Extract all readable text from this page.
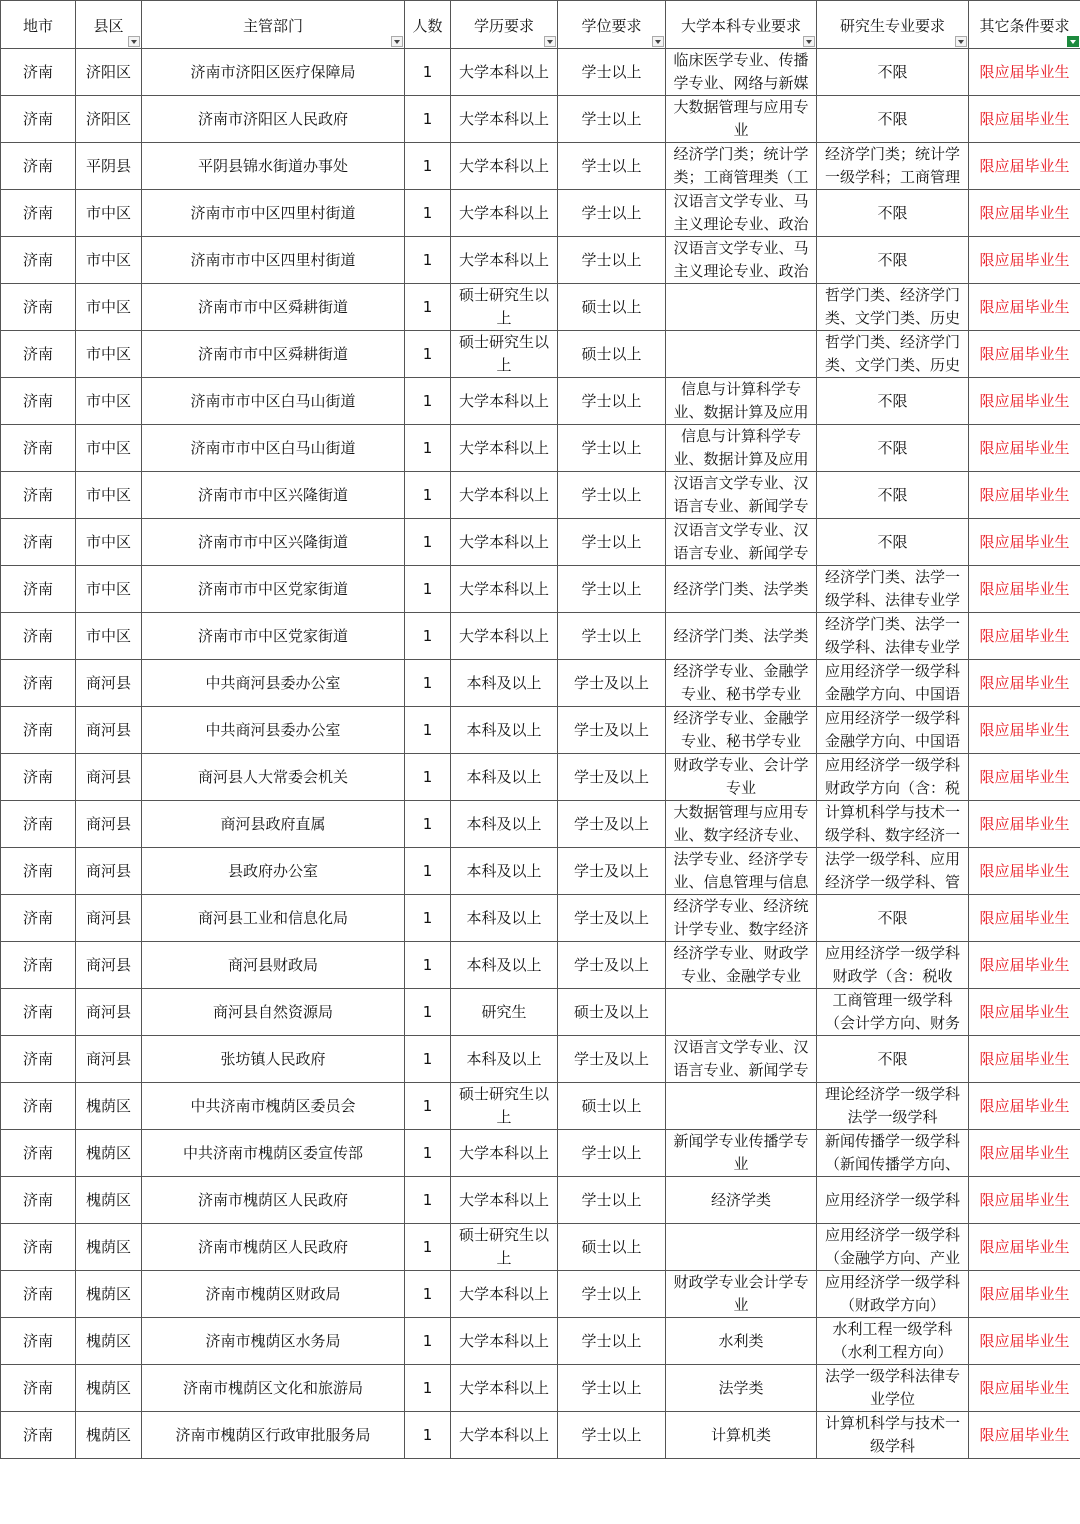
地市	县区	主管部门	人数	学历要求	学位要求	大学本科专业要求	研究生专业要求	其它条件要求

济南	济阳区	济南市济阳区医疗保障局	1	大学本科以上	学士以上	临床医学专业、传播学专业、网络与新媒	不限	限应届毕业生

济南	济阳区	济南市济阳区人民政府	1	大学本科以上	学士以上	大数据管理与应用专业	不限	限应届毕业生

济南	平阴县	平阴县锦水街道办事处	1	大学本科以上	学士以上	经济学门类；统计学类；工商管理类（工	经济学门类；统计学一级学科；工商管理	限应届毕业生

济南	市中区	济南市市中区四里村街道	1	大学本科以上	学士以上	汉语言文学专业、马主义理论专业、政治	不限	限应届毕业生

济南	市中区	济南市市中区四里村街道	1	大学本科以上	学士以上	汉语言文学专业、马主义理论专业、政治	不限	限应届毕业生

济南	市中区	济南市市中区舜耕街道	1	硕士研究生以上	硕士以上		哲学门类、经济学门类、文学门类、历史	限应届毕业生

济南	市中区	济南市市中区舜耕街道	1	硕士研究生以上	硕士以上		哲学门类、经济学门类、文学门类、历史	限应届毕业生

济南	市中区	济南市市中区白马山街道	1	大学本科以上	学士以上	信息与计算科学专业、数据计算及应用	不限	限应届毕业生

济南	市中区	济南市市中区白马山街道	1	大学本科以上	学士以上	信息与计算科学专业、数据计算及应用	不限	限应届毕业生

济南	市中区	济南市市中区兴隆街道	1	大学本科以上	学士以上	汉语言文学专业、汉语言专业、新闻学专	不限	限应届毕业生

济南	市中区	济南市市中区兴隆街道	1	大学本科以上	学士以上	汉语言文学专业、汉语言专业、新闻学专	不限	限应届毕业生

济南	市中区	济南市市中区党家街道	1	大学本科以上	学士以上	经济学门类、法学类	经济学门类、法学一级学科、法律专业学	限应届毕业生

济南	市中区	济南市市中区党家街道	1	大学本科以上	学士以上	经济学门类、法学类	经济学门类、法学一级学科、法律专业学	限应届毕业生

济南	商河县	中共商河县委办公室	1	本科及以上	学士及以上	经济学专业、金融学专业、秘书学专业	应用经济学一级学科金融学方向、中国语	限应届毕业生

济南	商河县	中共商河县委办公室	1	本科及以上	学士及以上	经济学专业、金融学专业、秘书学专业	应用经济学一级学科金融学方向、中国语	限应届毕业生

济南	商河县	商河县人大常委会机关	1	本科及以上	学士及以上	财政学专业、会计学专业	应用经济学一级学科财政学方向（含：税	限应届毕业生

济南	商河县	商河县政府直属	1	本科及以上	学士及以上	大数据管理与应用专业、数字经济专业、	计算机科学与技术一级学科、数字经济一	限应届毕业生

济南	商河县	县政府办公室	1	本科及以上	学士及以上	法学专业、经济学专业、信息管理与信息	法学一级学科、应用经济学一级学科、管	限应届毕业生

济南	商河县	商河县工业和信息化局	1	本科及以上	学士及以上	经济学专业、经济统计学专业、数字经济	不限	限应届毕业生

济南	商河县	商河县财政局	1	本科及以上	学士及以上	经济学专业、财政学专业、金融学专业	应用经济学一级学科财政学（含：税收	限应届毕业生

济南	商河县	商河县自然资源局	1	研究生	硕士及以上		工商管理一级学科（会计学方向、财务	限应届毕业生

济南	商河县	张坊镇人民政府	1	本科及以上	学士及以上	汉语言文学专业、汉语言专业、新闻学专	不限	限应届毕业生

济南	槐荫区	中共济南市槐荫区委员会	1	硕士研究生以上	硕士以上		理论经济学一级学科法学一级学科	限应届毕业生

济南	槐荫区	中共济南市槐荫区委宣传部	1	大学本科以上	学士以上	新闻学专业传播学专业	新闻传播学一级学科（新闻传播学方向、	限应届毕业生

济南	槐荫区	济南市槐荫区人民政府	1	大学本科以上	学士以上	经济学类	应用经济学一级学科	限应届毕业生

济南	槐荫区	济南市槐荫区人民政府	1	硕士研究生以上	硕士以上		应用经济学一级学科（金融学方向、产业	限应届毕业生

济南	槐荫区	济南市槐荫区财政局	1	大学本科以上	学士以上	财政学专业会计学专业	应用经济学一级学科（财政学方向）	限应届毕业生

济南	槐荫区	济南市槐荫区水务局	1	大学本科以上	学士以上	水利类	水利工程一级学科（水利工程方向）	限应届毕业生

济南	槐荫区	济南市槐荫区文化和旅游局	1	大学本科以上	学士以上	法学类	法学一级学科法律专业学位	限应届毕业生

济南	槐荫区	济南市槐荫区行政审批服务局	1	大学本科以上	学士以上	计算机类	计算机科学与技术一级学科	限应届毕业生
